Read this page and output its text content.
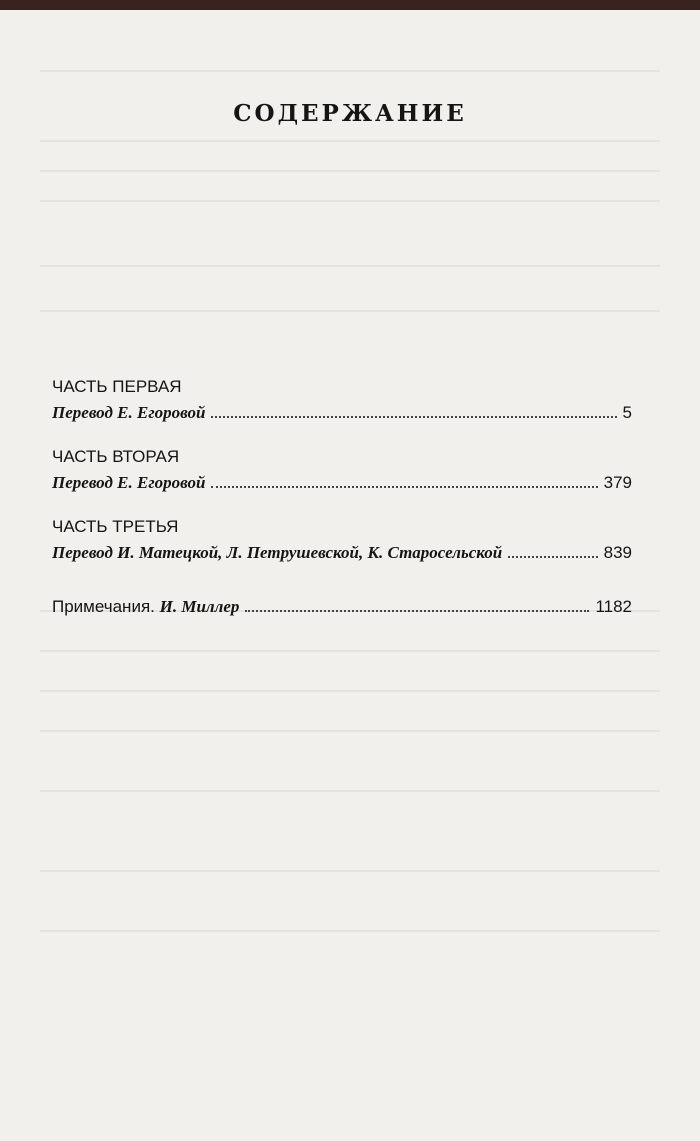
СОДЕРЖАНИЕ
ЧАСТЬ ПЕРВАЯ
Перевод Е. Егоровой	5
ЧАСТЬ ВТОРАЯ
Перевод Е. Егоровой	379
ЧАСТЬ ТРЕТЬЯ
Перевод И. Матецкой, Л. Петрушевской, К. Старосельской	839
Примечания. И. Миллер	1182
